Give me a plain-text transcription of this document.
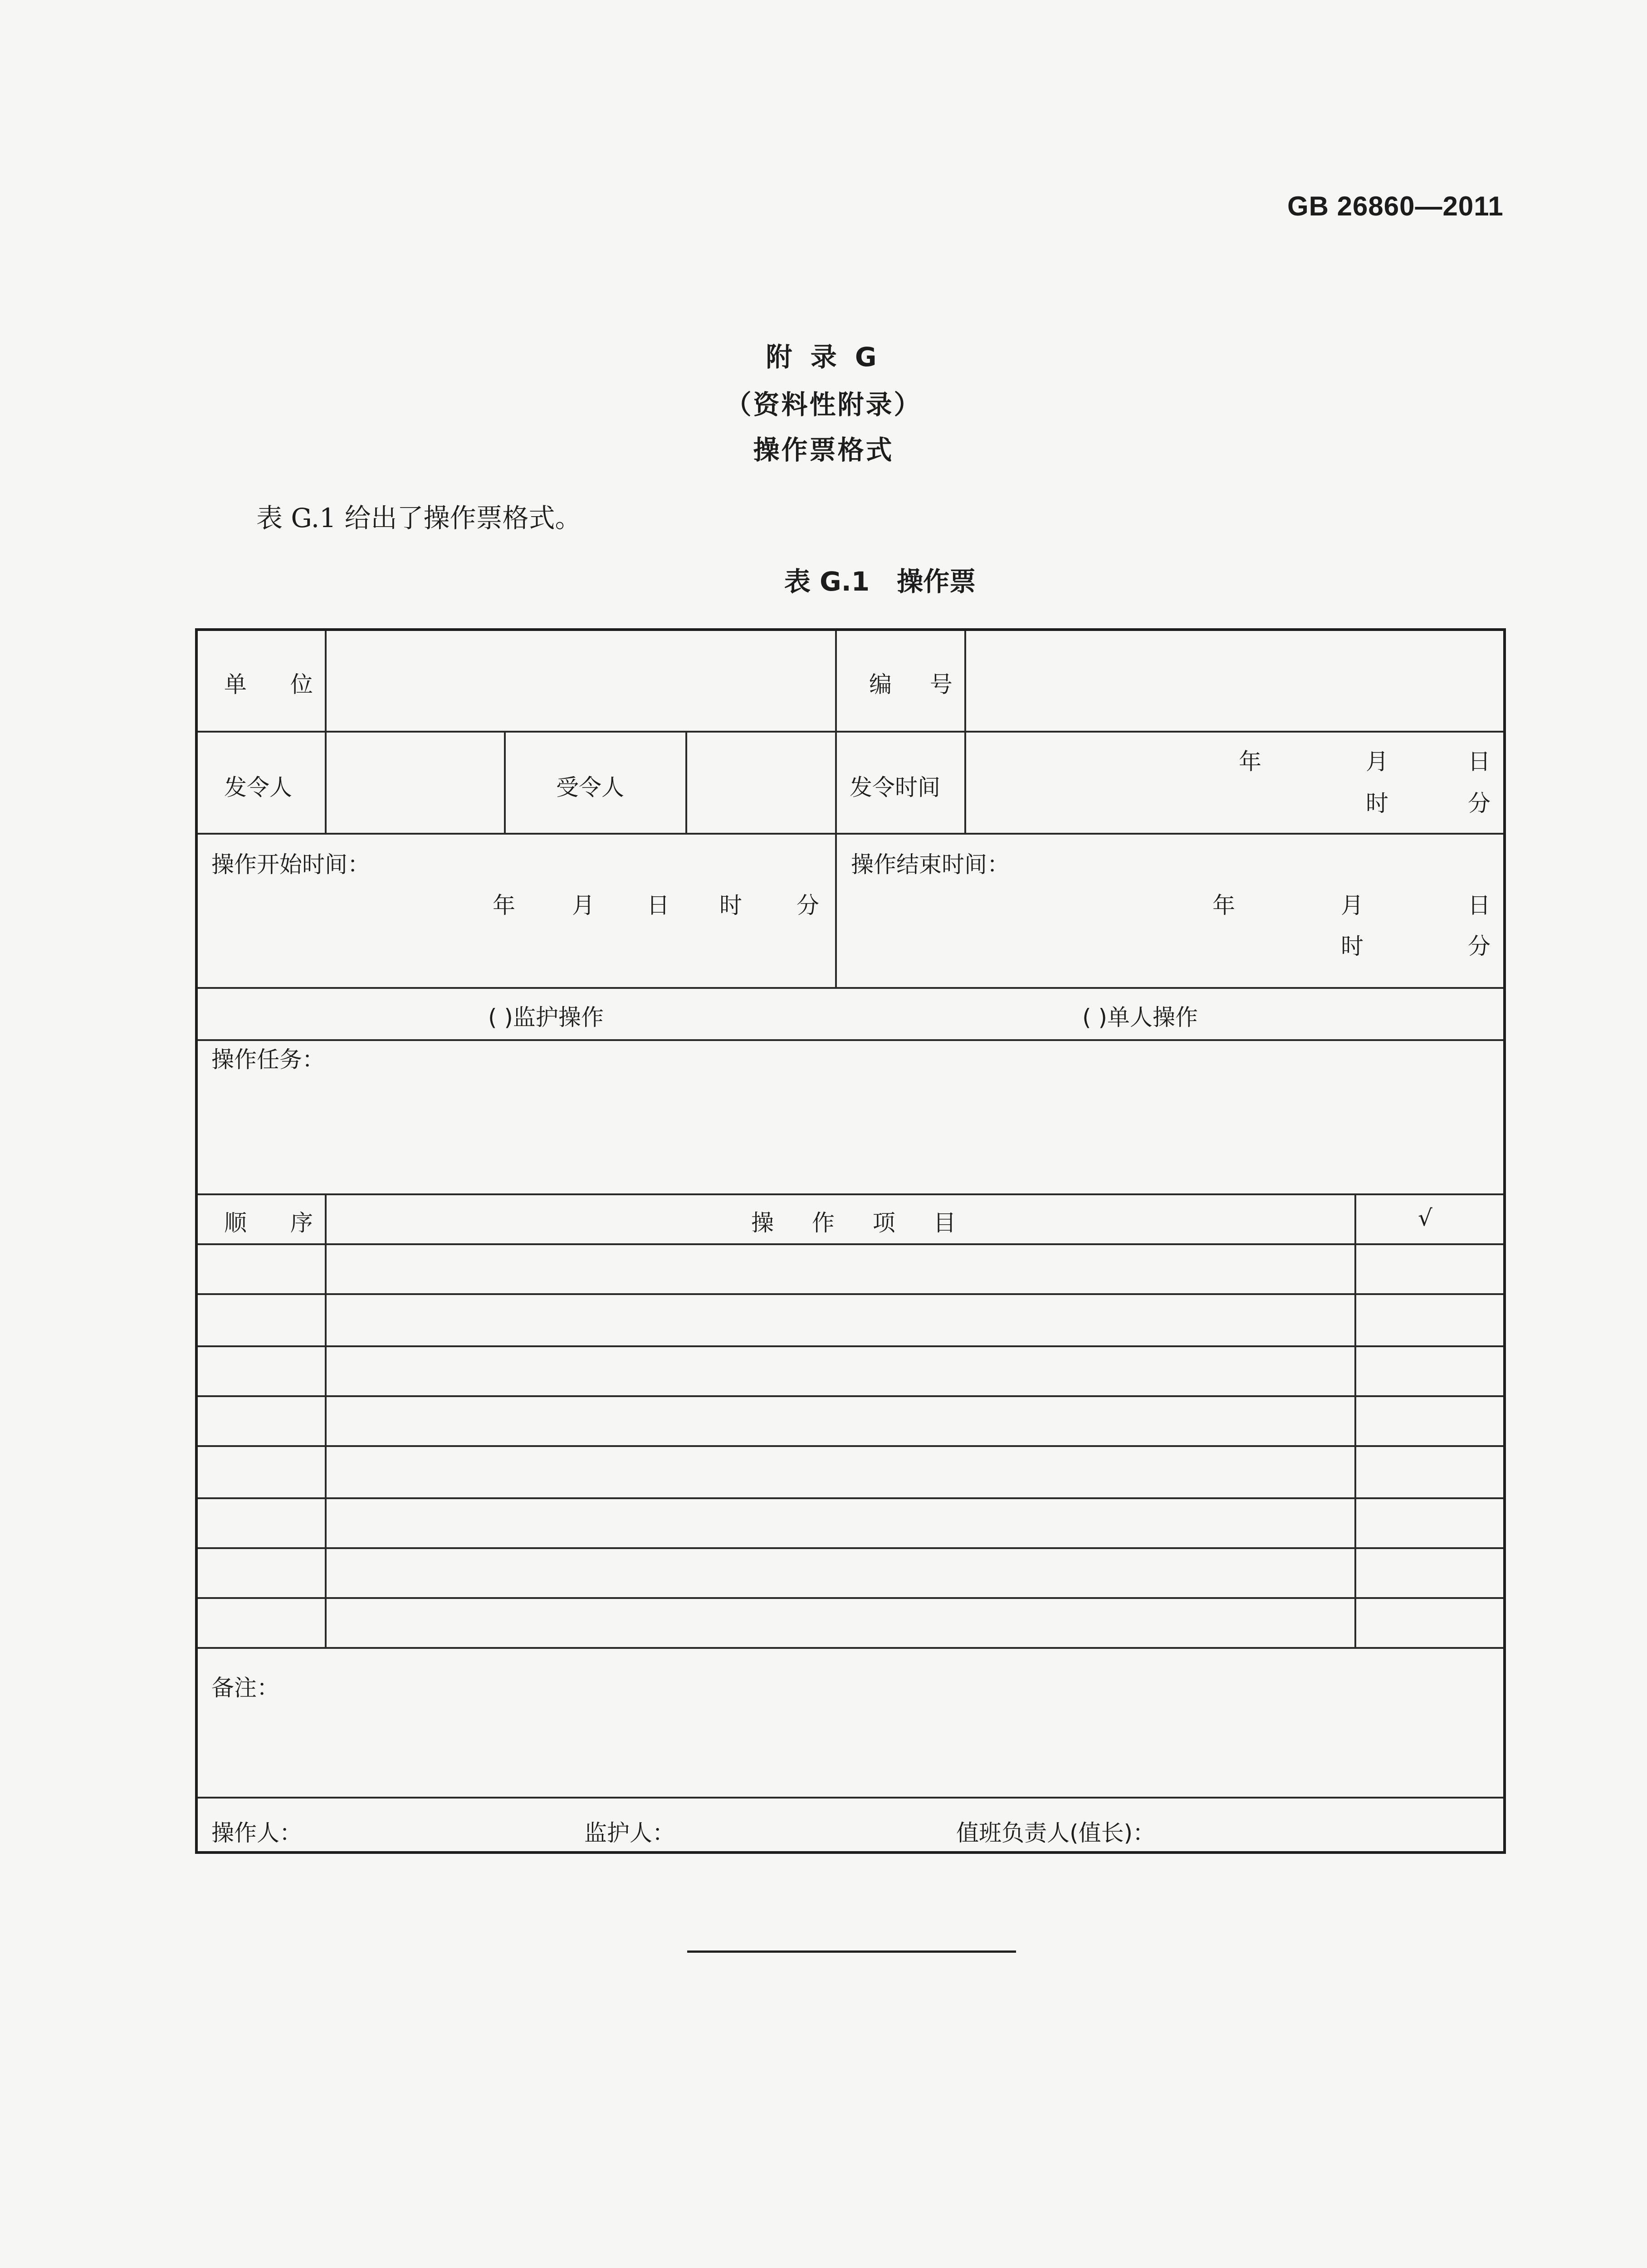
GB 26860—2011
附 录 G
（资料性附录）
操作票格式
表 G.1 给出了操作票格式。
表 G.1 操作票
单 位	编 号
发令人	受令人	发令时间
年	月	日
时	分
操作开始时间：
年	月 日 时 分
操作结束时间：
年	月	日
时	分
( )监护操作	( )单人操作
操作任务：
顺 序	操 作 项 目	√
备注：
操作人：	监护人：	值班负责人(值长)：
